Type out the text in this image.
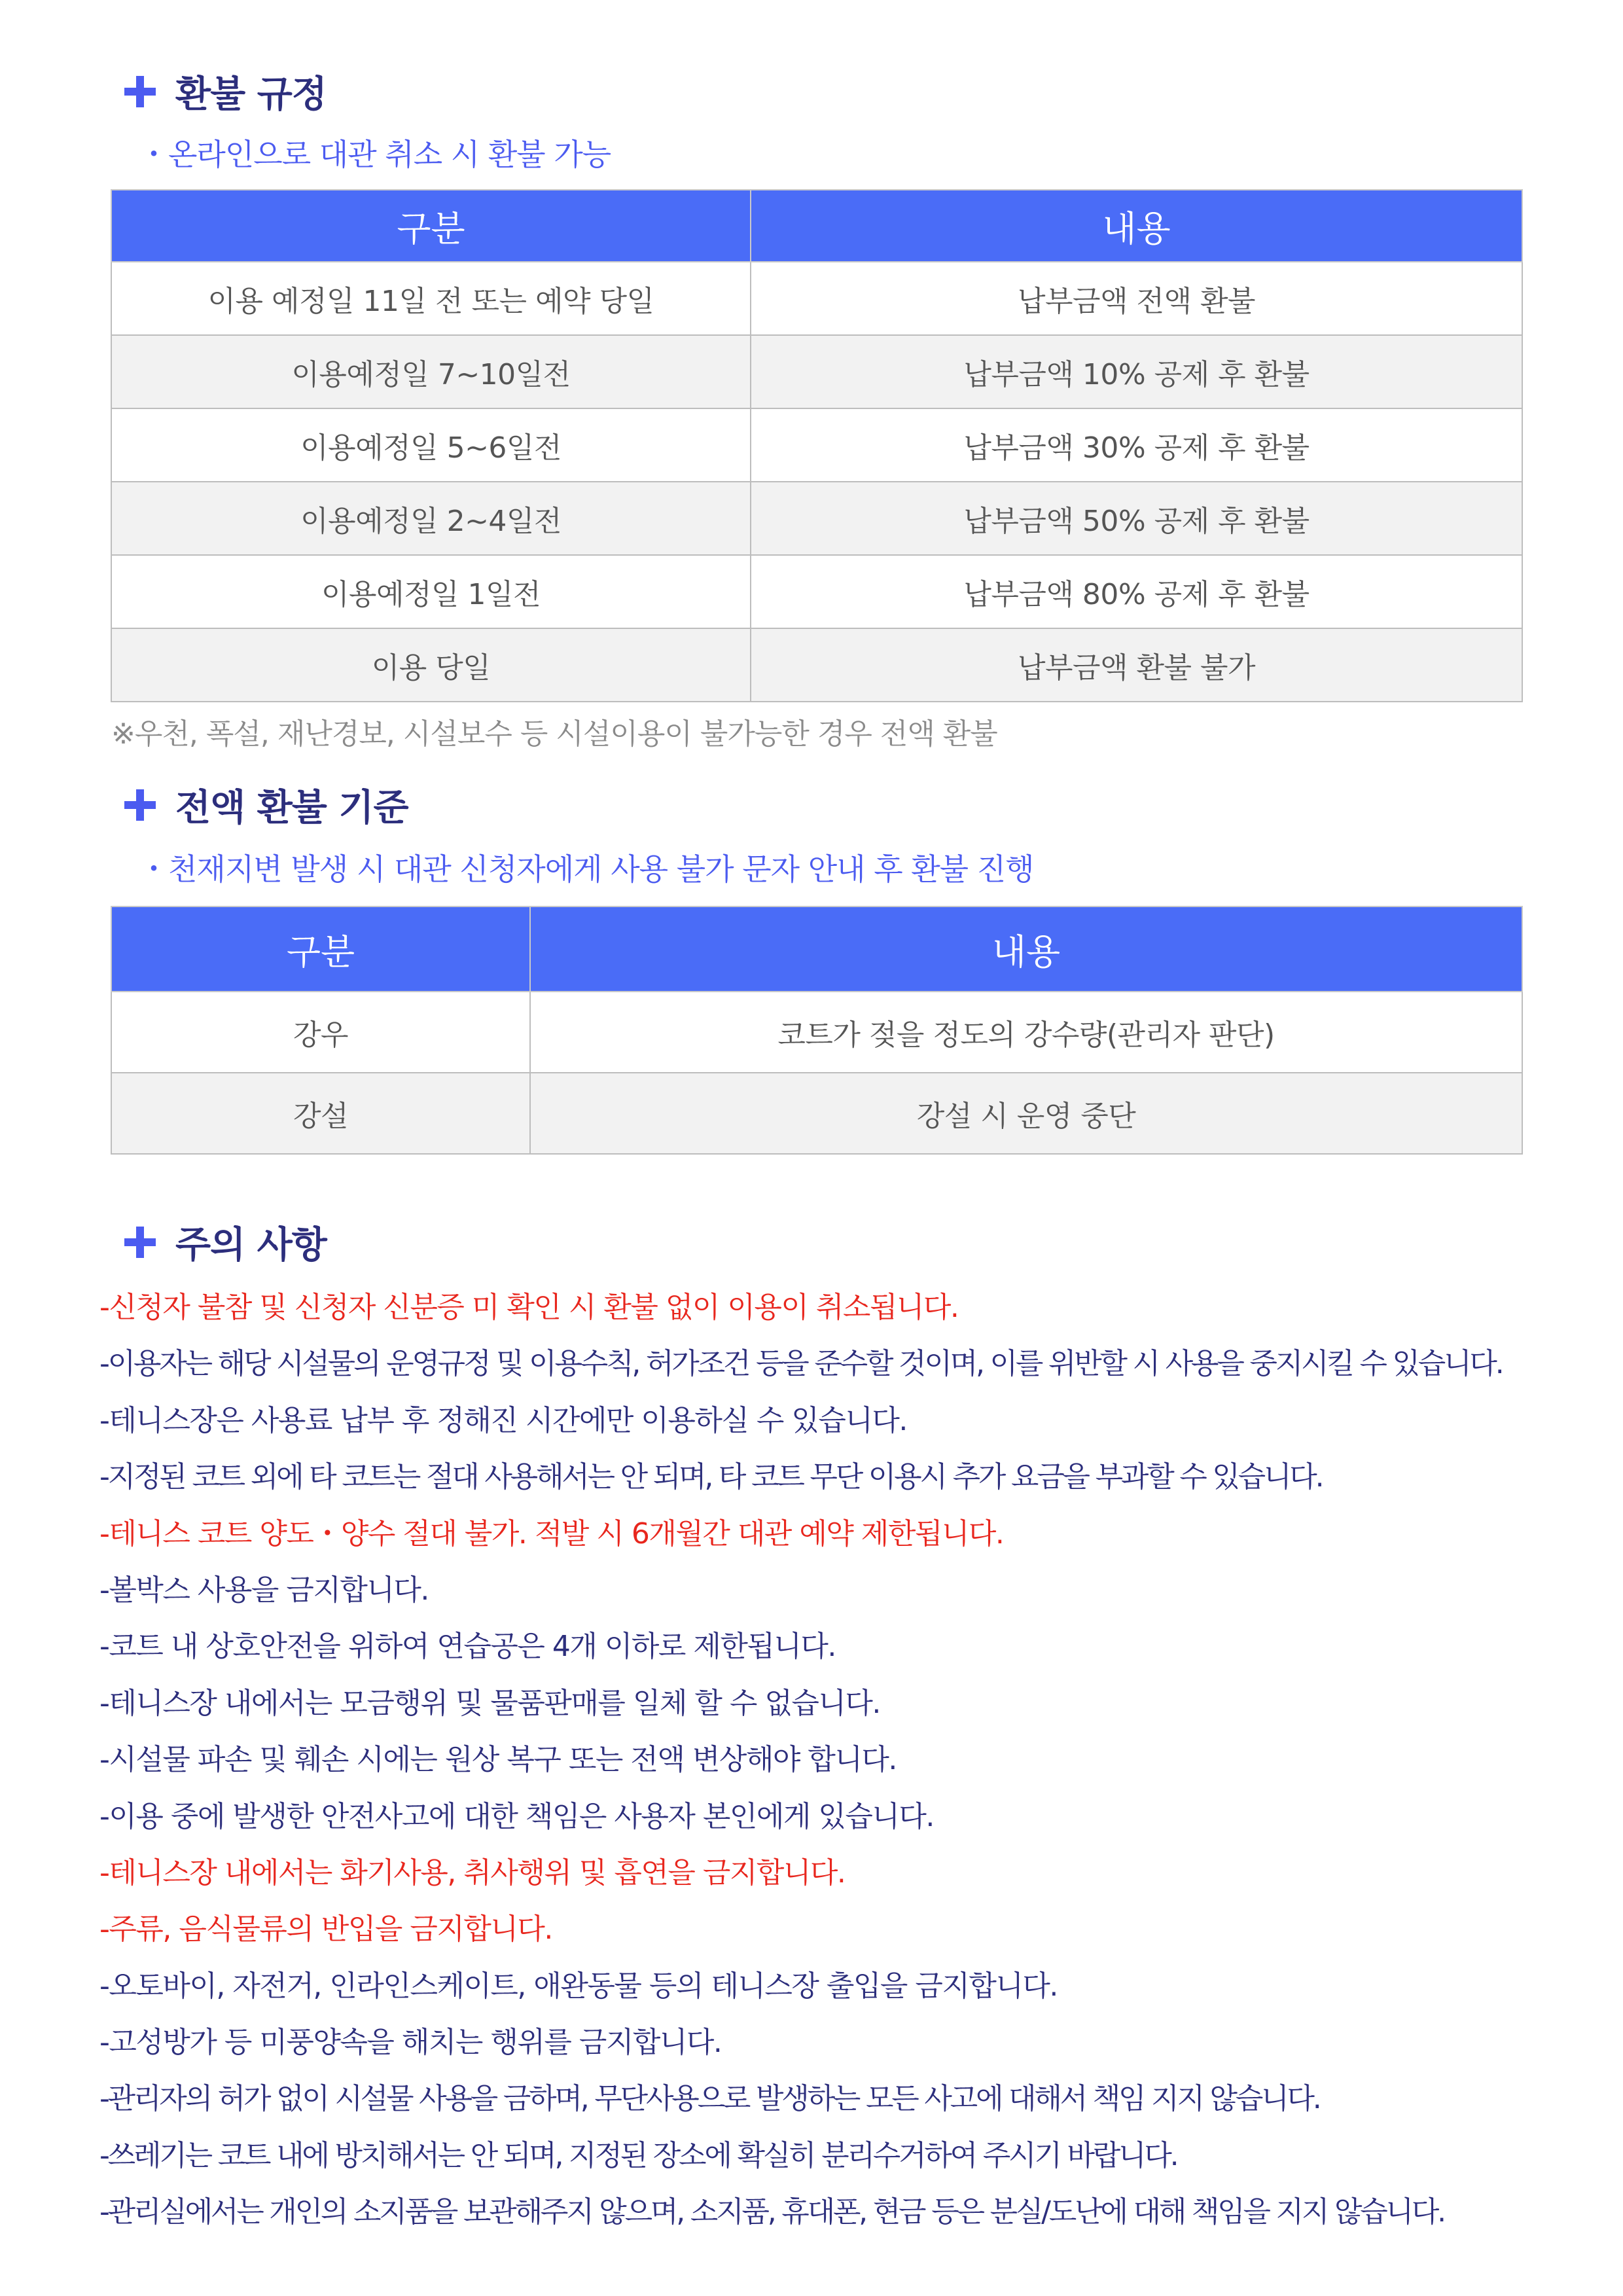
환불 규정
・온라인으로 대관 취소 시 환불 가능
구분	내용
이용 예정일 11일 전 또는 예약 당일	납부금액 전액 환불
이용예정일 7~10일전	납부금액 10% 공제 후 환불
이용예정일 5~6일전	납부금액 30% 공제 후 환불
이용예정일 2~4일전	납부금액 50% 공제 후 환불
이용예정일 1일전	납부금액 80% 공제 후 환불
이용 당일	납부금액 환불 불가
※우천, 폭설, 재난경보, 시설보수 등 시설이용이 불가능한 경우 전액 환불
전액 환불 기준
・천재지변 발생 시 대관 신청자에게 사용 불가 문자 안내 후 환불 진행
구분	내용
강우	코트가 젖을 정도의 강수량(관리자 판단)
강설	강설 시 운영 중단
주의 사항
-신청자 불참 및 신청자 신분증 미 확인 시 환불 없이 이용이 취소됩니다.
-이용자는 해당 시설물의 운영규정 및 이용수칙, 허가조건 등을 준수할 것이며, 이를 위반할 시 사용을 중지시킬 수 있습니다.
-테니스장은 사용료 납부 후 정해진 시간에만 이용하실 수 있습니다.
-지정된 코트 외에 타 코트는 절대 사용해서는 안 되며, 타 코트 무단 이용시 추가 요금을 부과할 수 있습니다.
-테니스 코트 양도・양수 절대 불가. 적발 시 6개월간 대관 예약 제한됩니다.
-볼박스 사용을 금지합니다.
-코트 내 상호안전을 위하여 연습공은 4개 이하로 제한됩니다.
-테니스장 내에서는 모금행위 및 물품판매를 일체 할 수 없습니다.
-시설물 파손 및 훼손 시에는 원상 복구 또는 전액 변상해야 합니다.
-이용 중에 발생한 안전사고에 대한 책임은 사용자 본인에게 있습니다.
-테니스장 내에서는 화기사용, 취사행위 및 흡연을 금지합니다.
-주류, 음식물류의 반입을 금지합니다.
-오토바이, 자전거, 인라인스케이트, 애완동물 등의 테니스장 출입을 금지합니다.
-고성방가 등 미풍양속을 해치는 행위를 금지합니다.
-관리자의 허가 없이 시설물 사용을 금하며, 무단사용으로 발생하는 모든 사고에 대해서 책임 지지 않습니다.
-쓰레기는 코트 내에 방치해서는 안 되며, 지정된 장소에 확실히 분리수거하여 주시기 바랍니다.
-관리실에서는 개인의 소지품을 보관해주지 않으며, 소지품, 휴대폰, 현금 등은 분실/도난에 대해 책임을 지지 않습니다.
